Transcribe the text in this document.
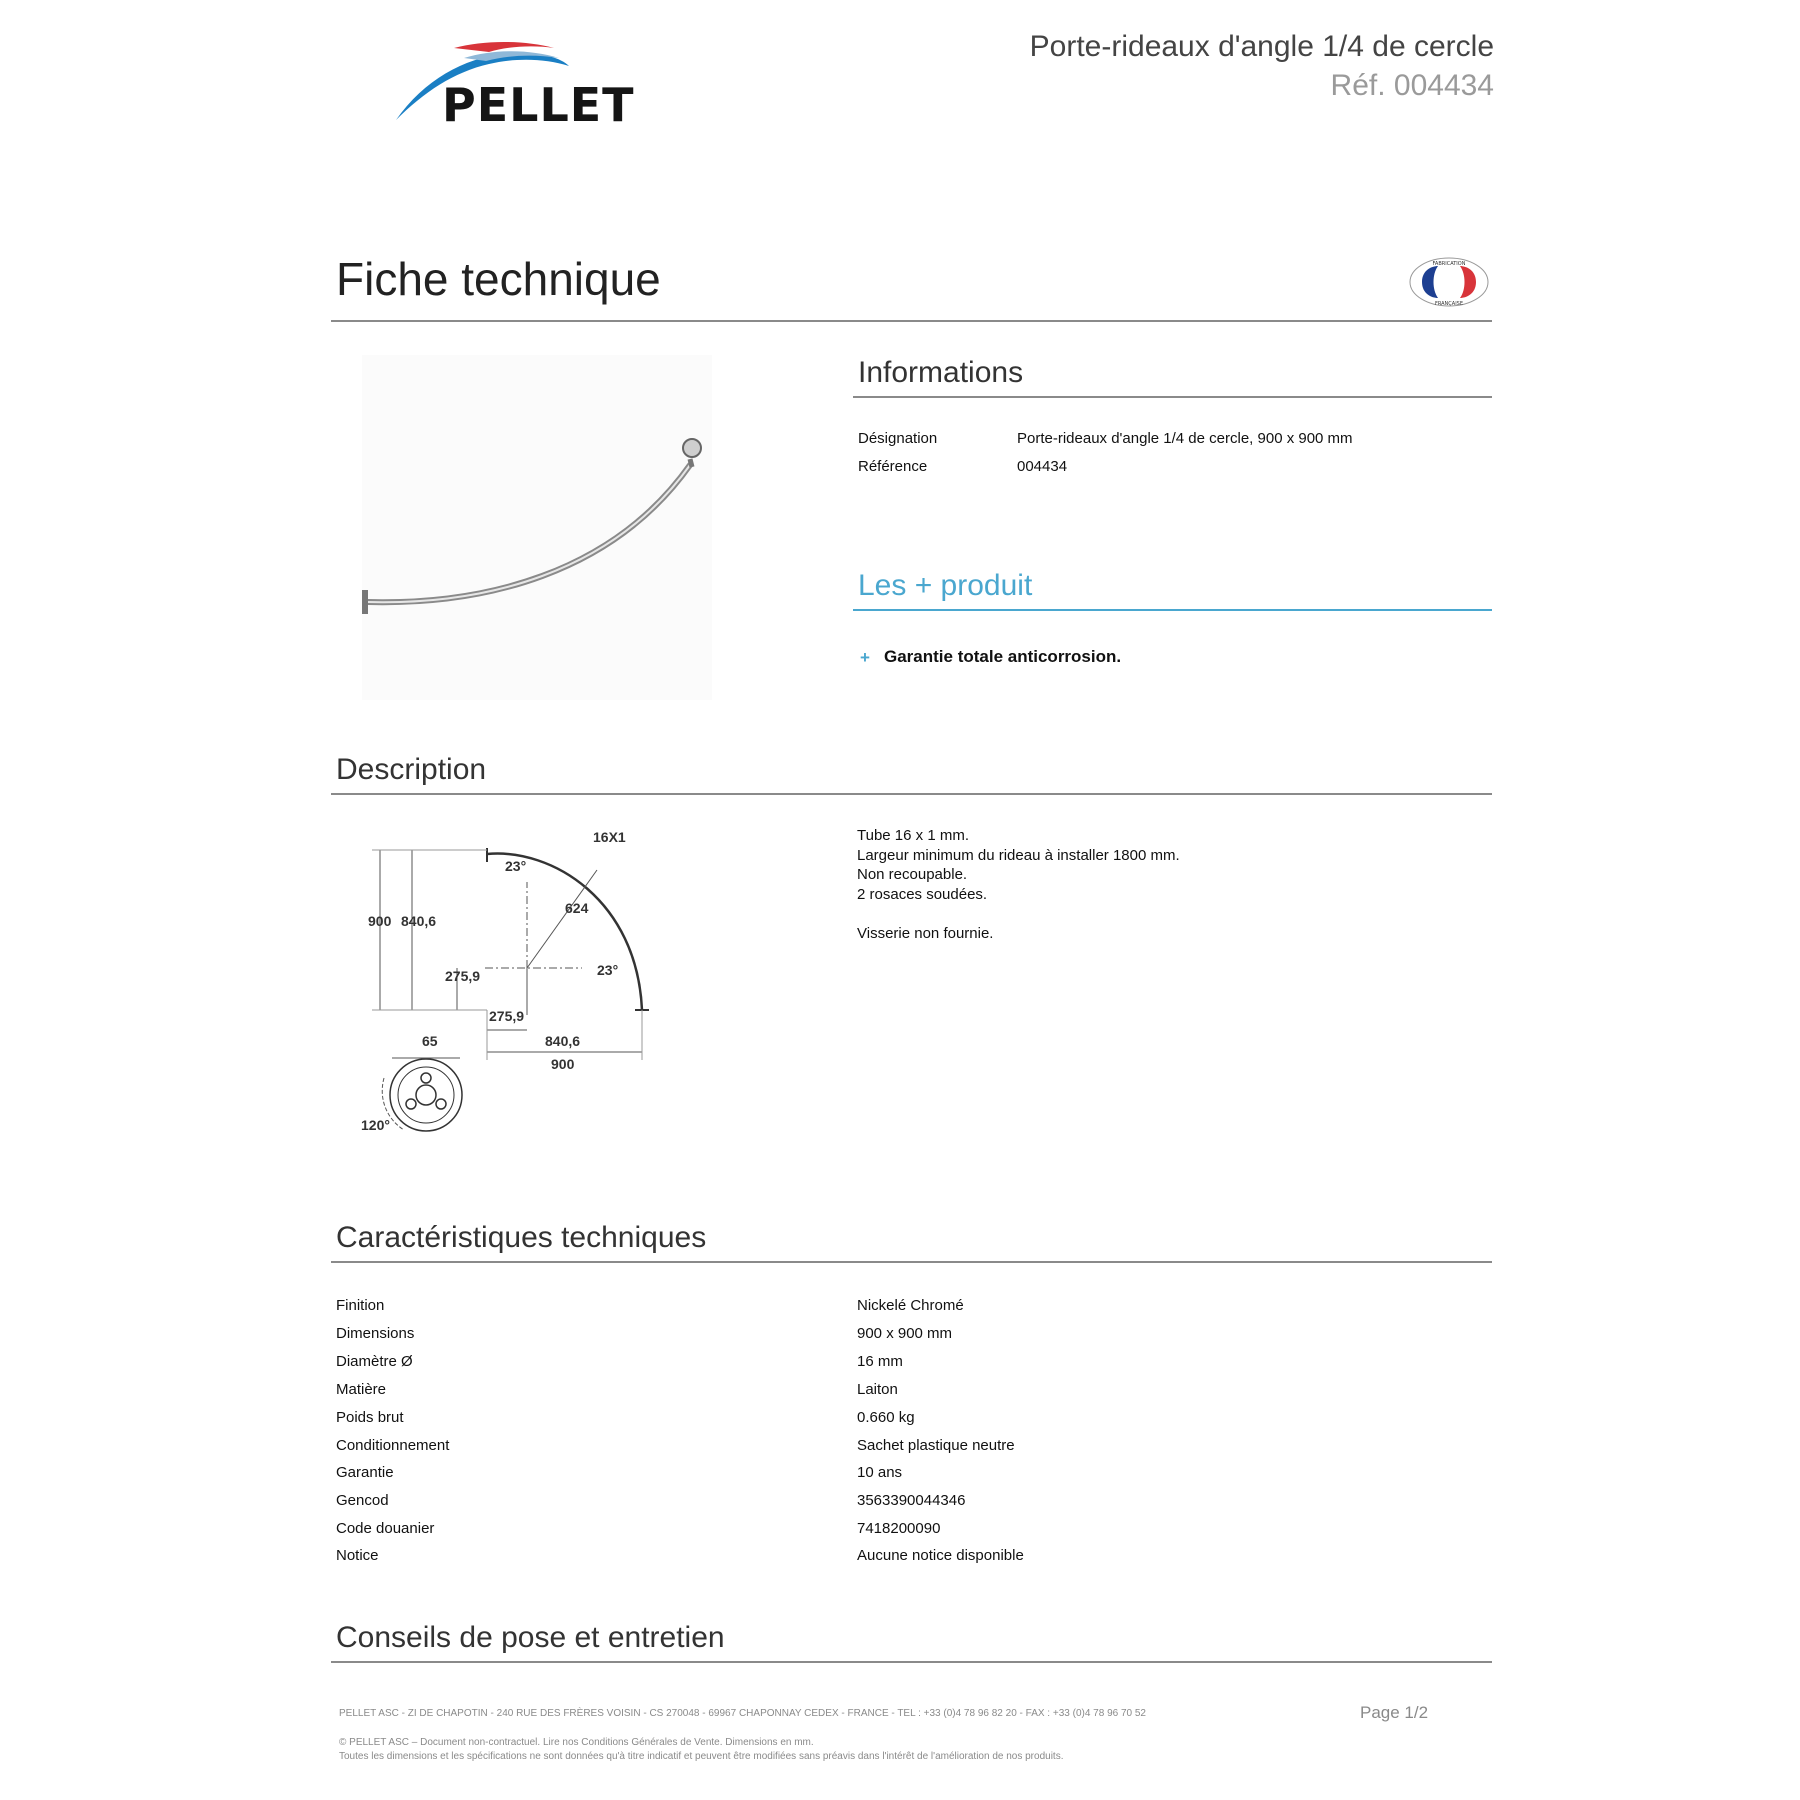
PELLET
Porte-rideaux d'angle 1/4 de cercle
Réf. 004434
Fiche technique	FABRICATION
FRANÇAISE
Informations
Désignation	Porte-rideaux d'angle 1/4 de cercle, 900 x 900 mm
Référence	004434
Les + produit
+ Garantie totale anticorrosion.
Description
16X1
23°
23°
624
900 840,6
275,9
275,9
840,6
900
65
120°
Tube 16 x 1 mm.
Largeur minimum du rideau à installer 1800 mm.
Non recoupable.
2 rosaces soudées.
Visserie non fournie.
Caractéristiques techniques
Finition	Nickelé Chromé
Dimensions	900 x 900 mm
Diamètre Ø	16 mm
Matière	Laiton
Poids brut	0.660 kg
Conditionnement	Sachet plastique neutre
Garantie	10 ans
Gencod	3563390044346
Code douanier	7418200090
Notice	Aucune notice disponible
Conseils de pose et entretien
PELLET ASC - ZI DE CHAPOTIN - 240 RUE DES FRÈRES VOISIN - CS 270048 - 69967 CHAPONNAY CEDEX - FRANCE - TEL : +33 (0)4 78 96 82 20 - FAX : +33 (0)4 78 96 70 52	Page 1/2
© PELLET ASC – Document non-contractuel. Lire nos Conditions Générales de Vente. Dimensions en mm.
Toutes les dimensions et les spécifications ne sont données qu'à titre indicatif et peuvent être modifiées sans préavis dans l'intérêt de l'amélioration de nos produits.
